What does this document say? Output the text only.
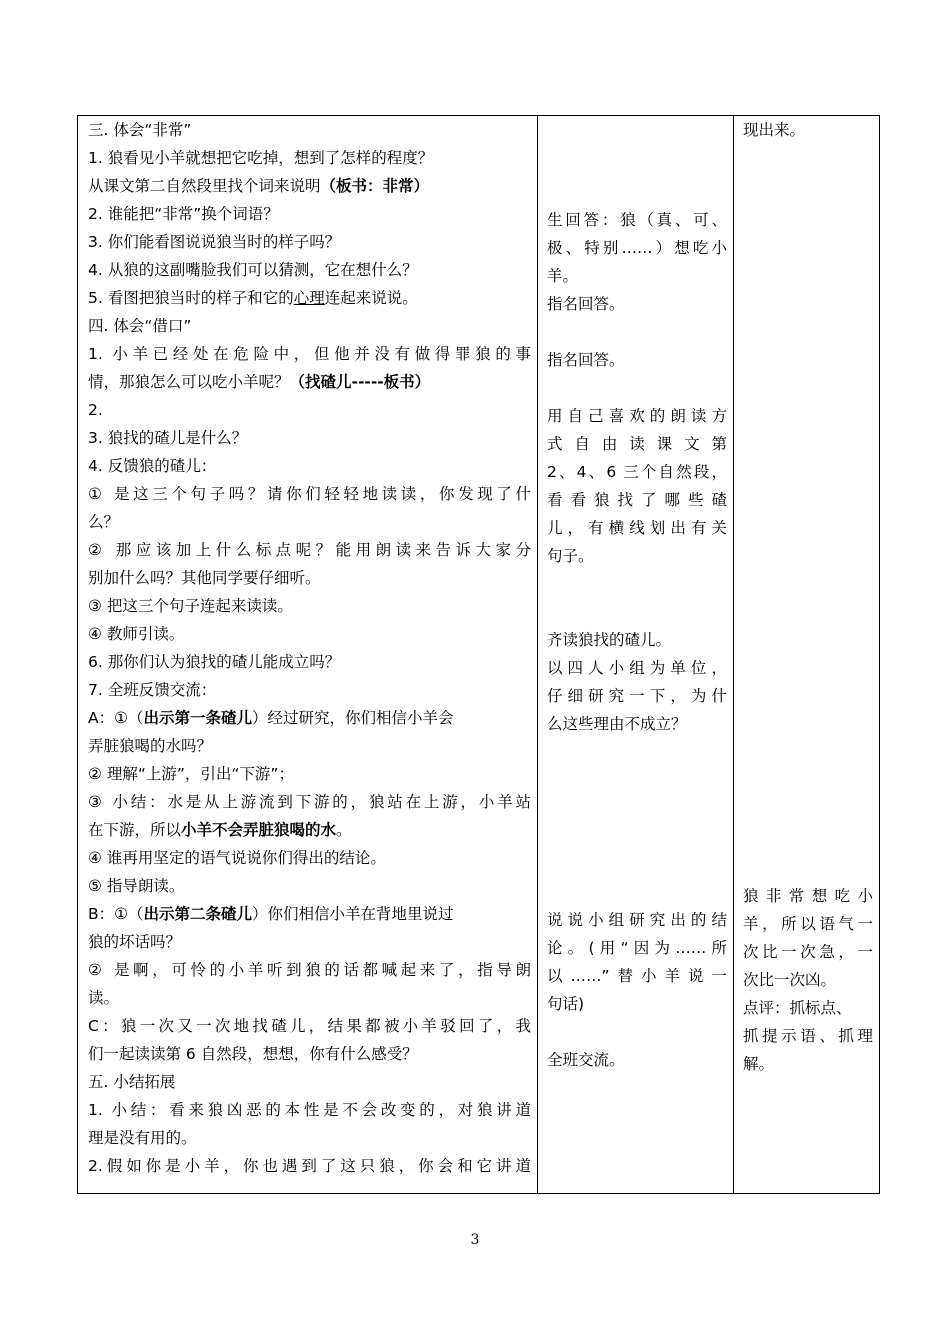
三. 体会“非常”
1. 狼看见小羊就想把它吃掉，想到了怎样的程度？
从课文第二自然段里找个词来说明（板书：非常）
2. 谁能把“非常”换个词语？
3. 你们能看图说说狼当时的样子吗？
4. 从狼的这副嘴脸我们可以猜测，它在想什么？
5. 看图把狼当时的样子和它的心理连起来说说。
四. 体会“借口”
1. 小羊已经处在危险中，但他并没有做得罪狼的事
情，那狼怎么可以吃小羊呢？（找碴儿-----板书）
2.
3. 狼找的碴儿是什么？
4. 反馈狼的碴儿：
① 是这三个句子吗？请你们轻轻地读读，你发现了什
么？
② 那应该加上什么标点呢？能用朗读来告诉大家分
别加什么吗？其他同学要仔细听。
③ 把这三个句子连起来读读。
④ 教师引读。
6. 那你们认为狼找的碴儿能成立吗？
7. 全班反馈交流：
A：①（出示第一条碴儿）经过研究，你们相信小羊会
弄脏狼喝的水吗？
② 理解“上游”，引出“下游”；
③ 小结：水是从上游流到下游的，狼站在上游，小羊站
在下游，所以小羊不会弄脏狼喝的水。
④ 谁再用坚定的语气说说你们得出的结论。
⑤ 指导朗读。
B：①（出示第二条碴儿）你们相信小羊在背地里说过
狼的坏话吗？
② 是啊，可怜的小羊听到狼的话都喊起来了，指导朗
读。
C：狼一次又一次地找碴儿，结果都被小羊驳回了，我
们一起读读第 6 自然段，想想，你有什么感受？
五. 小结拓展
1. 小结：看来狼凶恶的本性是不会改变的，对狼讲道
理是没有用的。
2.假如你是小羊，你也遇到了这只狼，你会和它讲道
生回答：狼（真、可、
极、特别……）想吃小
羊。
指名回答。
指名回答。
用自己喜欢的朗读方
式自由读课文第
2、4、6 三个自然段，
看看狼找了哪些碴
儿，有横线划出有关
句子。
齐读狼找的碴儿。
以四人小组为单位，
仔细研究一下，为什
么这些理由不成立？
说说小组研究出的结
论。(用“因为……所
以……”替小羊说一
句话)
全班交流。
现出来。
狼非常想吃小
羊，所以语气一
次比一次急，一
次比一次凶。
点评：抓标点、
抓提示语、抓理
解。
3
